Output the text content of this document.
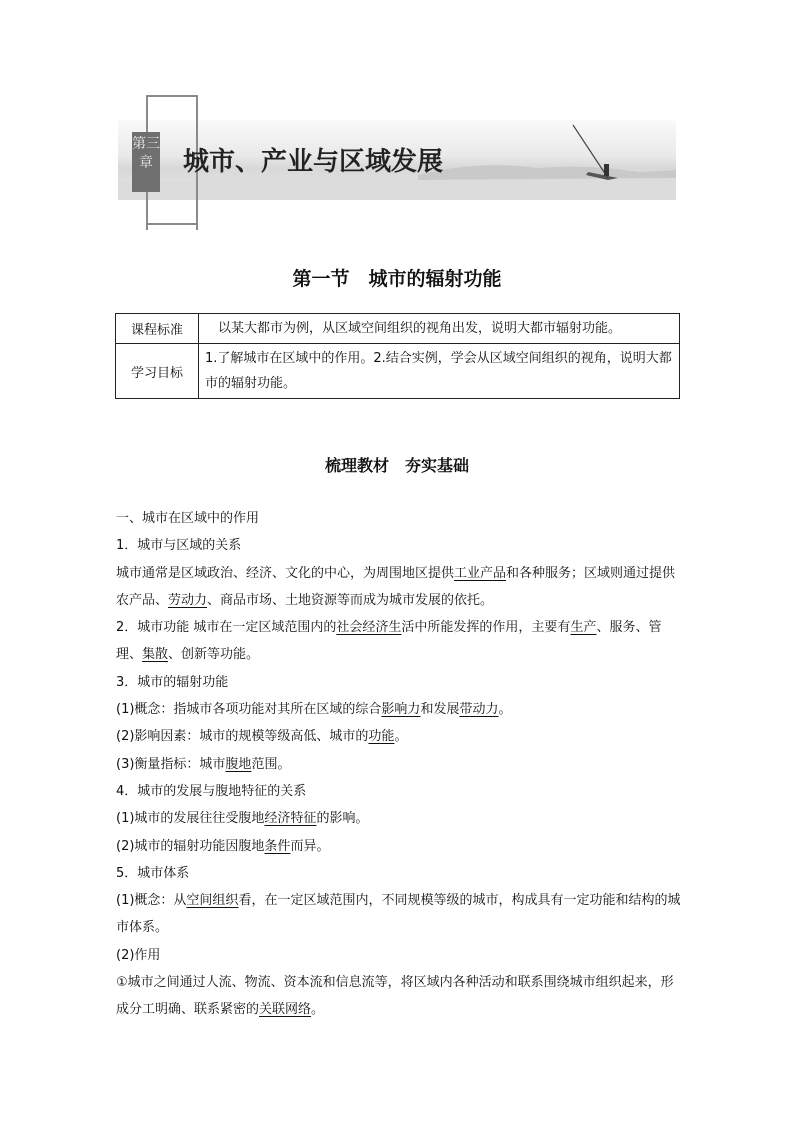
第三章 城市、产业与区域发展
第一节　城市的辐射功能
课程标准	　以某大都市为例，从区域空间组织的视角出发，说明大都市辐射功能。
学习目标	1.了解城市在区域中的作用。2.结合实例，学会从区域空间组织的视角，说明大都市的辐射功能。
梳理教材　夯实基础

一、城市在区域中的作用

1．城市与区域的关系

城市通常是区域政治、经济、文化的中心，为周围地区提供工业产品和各种服务；区域则通过提供农产品、劳动力、商品市场、土地资源等而成为城市发展的依托。

2．城市功能 城市在一定区域范围内的社会经济生活中所能发挥的作用，主要有生产、服务、管理、集散、创新等功能。

3．城市的辐射功能

(1)概念：指城市各项功能对其所在区域的综合影响力和发展带动力。

(2)影响因素：城市的规模等级高低、城市的功能。

(3)衡量指标：城市腹地范围。

4．城市的发展与腹地特征的关系

(1)城市的发展往往受腹地经济特征的影响。

(2)城市的辐射功能因腹地条件而异。

5．城市体系

(1)概念：从空间组织看，在一定区域范围内，不同规模等级的城市，构成具有一定功能和结构的城市体系。

(2)作用

①城市之间通过人流、物流、资本流和信息流等，将区域内各种活动和联系围绕城市组织起来，形成分工明确、联系紧密的关联网络。
